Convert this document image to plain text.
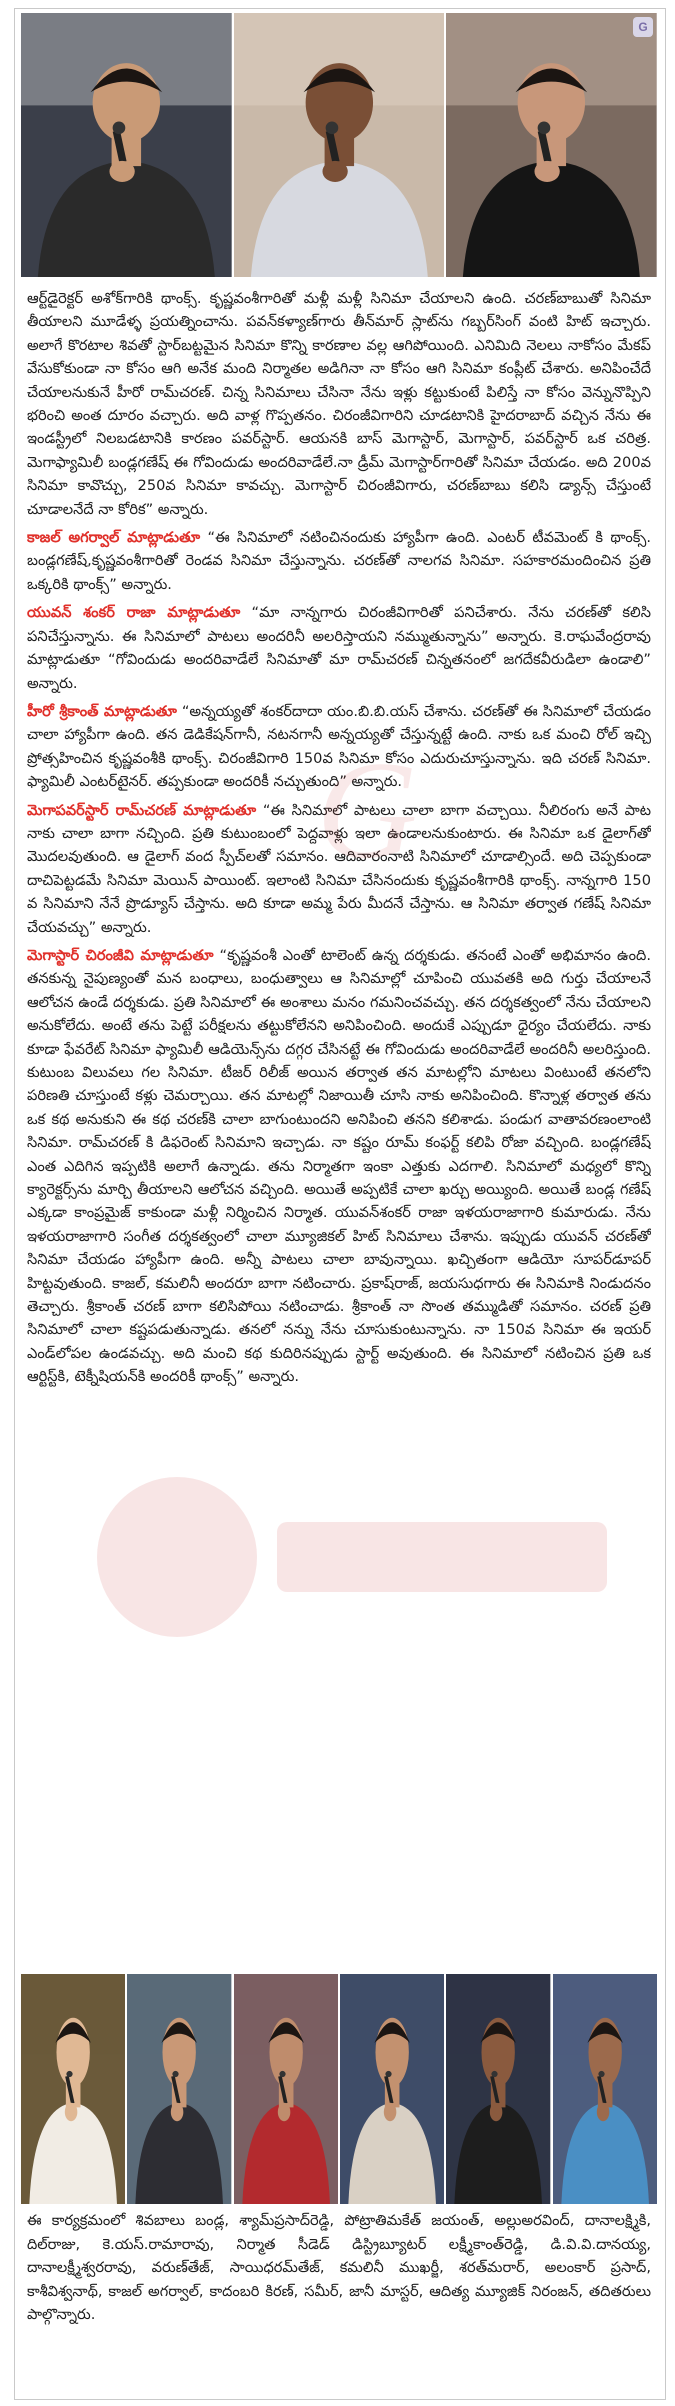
G
G

ఆర్ట్‌డైరెక్టర్ అశోక్‌గారికి థాంక్స్. కృష్ణవంశీగారితో మళ్లీ మళ్లీ సినిమా చేయాలని ఉంది. చరణ్‌బాబుతో సినిమా తీయాలని మూడేళ్ళ ప్రయత్నించాను. పవన్‌కళ్యాణ్‌గారు తీన్‌మార్ స్లాట్‌ను గబ్బర్‌సింగ్ వంటి హిట్ ఇచ్చారు. అలాగే కొరటాల శివతో స్టార్‌బట్టమైన సినిమా కొన్ని కారణాల వల్ల ఆగిపోయింది. ఎనిమిది నెలలు నాకోసం మేకప్ వేసుకోకుండా నా కోసం ఆగి అనేక మంది నిర్మాతల అడిగినా నా కోసం ఆగి సినిమా కంప్లీట్ చేశారు. అనిపించేదే చేయాలనుకునే హీరో రామ్‌చరణ్. చిన్న సినిమాలు చేసినా నేను ఇళ్లు కట్టుకుంటే పిలిస్తే నా కోసం వెన్నునొప్పిని భరించి అంత దూరం వచ్చారు. అది వాళ్ల గొప్పతనం. చిరంజీవిగారిని చూడటానికి హైదరాబాద్ వచ్చిన నేను ఈ ఇండస్ట్రీలో నిలబడటానికి కారణం పవర్‌స్టార్. ఆయనకి బాస్ మెగాస్టార్, మెగాస్టార్, పవర్‌స్టార్ ఒక చరిత్ర. మెగాఫ్యామిలీ బండ్లగణేష్ ఈ గోవిందుడు అందరివాడేలే.నా డ్రీమ్ మెగాస్టార్‌గారితో సినిమా చేయడం. అది 200వ సినిమా కావొచ్చు, 250వ సినిమా కావచ్చు. మెగాస్టార్ చిరంజీవిగారు, చరణ్‌బాబు కలిసి డ్యాన్స్ చేస్తుంటే చూడాలనేదే నా కోరిక” అన్నారు.

కాజల్ అగర్వాల్ మాట్లాడుతూ “ఈ సినిమాలో నటించినందుకు హ్యాపీగా ఉంది. ఎంటర్ టీవమెంట్ కి థాంక్స్. బండ్లగణేష్,కృష్ణవంశీగారితో రెండవ సినిమా చేస్తున్నాను. చరణ్‌తో నాలగవ సినిమా. సహకారమందించిన ప్రతి ఒక్కరికి థాంక్స్” అన్నారు.

యువన్ శంకర్ రాజా మాట్లాడుతూ “మా నాన్నగారు చిరంజీవిగారితో పనిచేశారు. నేను చరణ్‌తో కలిసి పనిచేస్తున్నాను. ఈ సినిమాలో పాటలు అందరినీ అలరిస్తాయని నమ్ముతున్నాను” అన్నారు. కె.రాఘవేంద్రరావు మాట్లాడుతూ “గోవిందుడు అందరివాడేలే సినిమాతో మా రామ్‌చరణ్ చిన్నతనంలో జగదేకవీరుడిలా ఉండాలి” అన్నారు.

హీరో శ్రీకాంత్ మాట్లాడుతూ “అన్నయ్యతో శంకర్‌దాదా యం.బి.బి.యస్ చేశాను. చరణ్‌తో ఈ సినిమాలో చేయడం చాలా హ్యాపీగా ఉంది. తన డెడికేషన్‌గానీ, నటనగానీ అన్నయ్యతో చేస్తున్నట్టే ఉంది. నాకు ఒక మంచి రోల్ ఇచ్చి ప్రోత్సహించిన కృష్ణవంశీకి థాంక్స్. చిరంజీవిగారి 150వ సినిమా కోసం ఎదురుచూస్తున్నాను. ఇది చరణ్ సినిమా. ఫ్యామిలీ ఎంటర్‌టైనర్. తప్పకుండా అందరికీ నచ్చుతుంది” అన్నారు.

మెగాపవర్‌స్టార్ రామ్‌చరణ్ మాట్లాడుతూ “ఈ సినిమాలో పాటలు చాలా బాగా వచ్చాయి. నీలిరంగు అనే పాట నాకు చాలా బాగా నచ్చింది. ప్రతి కుటుంబంలో పెద్దవాళ్లు ఇలా ఉండాలనుకుంటారు. ఈ సినిమా ఒక డైలాగ్‌తో మొదలవుతుంది. ఆ డైలాగ్ వంద స్పీచ్‌లతో సమానం. ఆదివారంనాటి సినిమాలో చూడాల్సిందే. అది చెప్పకుండా దాచిపెట్టడమే సినిమా మెయిన్ పాయింట్. ఇలాంటి సినిమా చేసినందుకు కృష్ణవంశీగారికి థాంక్స్. నాన్నగారి 150 వ సినిమాని నేనే ప్రొడ్యూస్ చేస్తాను. అది కూడా అమ్మ పేరు మీదనే చేస్తాను. ఆ సినిమా తర్వాత గణేష్ సినిమా చేయవచ్చు” అన్నారు.

మెగాస్టార్ చిరంజీవి మాట్లాడుతూ “కృష్ణవంశీ ఎంతో టాలెంట్ ఉన్న దర్శకుడు. తనంటే ఎంతో అభిమానం ఉంది. తనకున్న నైపుణ్యంతో మన బంధాలు, బంధుత్వాలు ఆ సినిమాల్లో చూపించి యువతకి అది గుర్తు చేయాలనే ఆలోచన ఉండే దర్శకుడు. ప్రతి సినిమాలో ఈ అంశాలు మనం గమనించవచ్చు. తన దర్శకత్వంలో నేను చేయాలని అనుకోలేదు. అంటే తను పెట్టే పరీక్షలను తట్టుకోలేనని అనిపించింది. అందుకే ఎప్పుడూ ధైర్యం చేయలేదు. నాకు కూడా ఫేవరేట్ సినిమా ఫ్యామిలీ ఆడియెన్స్‌ను దగ్గర చేసినట్టే ఈ గోవిందుడు అందరివాడేలే అందరినీ అలరిస్తుంది. కుటుంబ విలువలు గల సినిమా. టీజర్ రిలీజ్ అయిన తర్వాత తన మాటల్లోని మాటలు వింటుంటే తనలోని పరిణతి చూస్తుంటే కళ్లు చెమర్చాయి. తన మాటల్లో నిజాయితీ చూసి నాకు అనిపించింది. కొన్నాళ్ల తర్వాత తను ఒక కథ అనుకుని ఈ కథ చరణ్‌కి చాలా బాగుంటుందని అనిపించి తనని కలిశాడు. పండుగ వాతావరణంలాంటి సినిమా. రామ్‌చరణ్ కి డిఫరెంట్ సినిమాని ఇచ్చాడు. నా కష్టం రూమ్ కంఫర్ట్ కలిపి రోజా వచ్చింది. బండ్లగణేష్ ఎంత ఎదిగిన ఇప్పటికి అలాగే ఉన్నాడు. తను నిర్మాతగా ఇంకా ఎత్తుకు ఎదగాలి. సినిమాలో మధ్యలో కొన్ని క్యారెక్టర్స్‌ను మార్చి తీయాలని ఆలోచన వచ్చింది. అయితే అప్పటికే చాలా ఖర్చు అయ్యింది. అయితే బండ్ల గణేష్ ఎక్కడా కాంప్రమైజ్ కాకుండా మళ్లీ నిర్మించిన నిర్మాత. యువన్‌శంకర్ రాజా ఇళయరాజాగారి కుమారుడు. నేను ఇళయరాజాగారి సంగీత దర్శకత్వంలో చాలా మ్యూజికల్ హిట్ సినిమాలు చేశాను. ఇప్పుడు యువన్ చరణ్‌తో సినిమా చేయడం హ్యాపీగా ఉంది. అన్నీ పాటలు చాలా బావున్నాయి. ఖచ్చితంగా ఆడియో సూపర్‌డూపర్ హిట్టవుతుంది. కాజల్, కమలినీ అందరూ బాగా నటించారు. ప్రకాష్‌రాజ్, జయసుధగారు ఈ సినిమాకి నిండుదనం తెచ్చారు. శ్రీకాంత్ చరణ్ బాగా కలిసిపోయి నటించాడు. శ్రీకాంత్ నా సొంత తమ్ముడితో సమానం. చరణ్ ప్రతి సినిమాలో చాలా కష్టపడుతున్నాడు. తనలో నన్ను నేను చూసుకుంటున్నాను. నా 150వ సినిమా ఈ ఇయర్ ఎండ్‌లోపల ఉండవచ్చు. అది మంచి కథ కుదిరినప్పుడు స్టార్ట్ అవుతుంది. ఈ సినిమాలో నటించిన ప్రతి ఒక ఆర్టిస్ట్‌కి, టెక్నీషియన్‌కి అందరికీ థాంక్స్” అన్నారు.

ఈ కార్యక్రమంలో శివబాలు బండ్ల, శ్యామ్‌ప్రసాద్‌రెడ్డి, పోట్రాతిమకేత్ జయంత్, అల్లుఅరవింద్, దానాలక్ష్మికి, దిల్‌రాజు, కె.యస్.రామారావు, నిర్మాత సీడెడ్ డిస్ట్రిబ్యూటర్ లక్ష్మీకాంత్‌రెడ్డి, డి.వి.వి.దానయ్య, దానాలక్ష్మీశ్వరరావు, వరుణ్‌తేజ్, సాయిధరమ్‌తేజ్, కమలినీ ముఖర్జీ, శరత్‌మరార్, అలంకార్ ప్రసాద్, కాశీవిశ్వనాథ్, కాజల్ అగర్వాల్, కాదంబరి కిరణ్, సమీర్, జానీ మాస్టర్, ఆదిత్య మ్యూజిక్ నిరంజన్, తదితరులు పాల్గొన్నారు.
